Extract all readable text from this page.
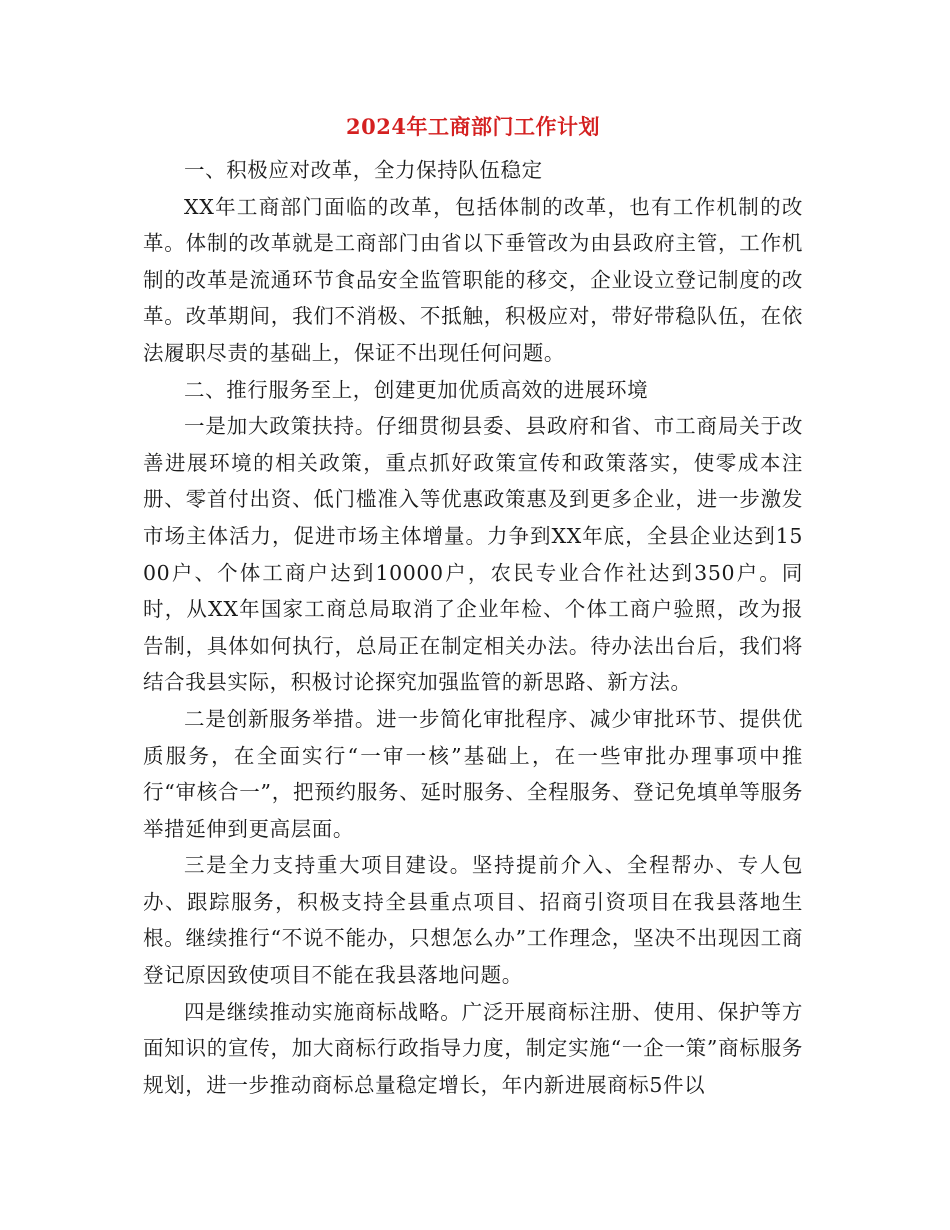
2024年工商部门工作计划

一、积极应对改革，全力保持队伍稳定

XX年工商部门面临的改革，包括体制的改革，也有工作机制的改革。体制的改革就是工商部门由省以下垂管改为由县政府主管，工作机制的改革是流通环节食品安全监管职能的移交，企业设立登记制度的改革。改革期间，我们不消极、不抵触，积极应对，带好带稳队伍，在依法履职尽责的基础上，保证不出现任何问题。

二、推行服务至上，创建更加优质高效的进展环境

一是加大政策扶持。仔细贯彻县委、县政府和省、市工商局关于改善进展环境的相关政策，重点抓好政策宣传和政策落实，使零成本注册、零首付出资、低门槛准入等优惠政策惠及到更多企业，进一步激发市场主体活力，促进市场主体增量。力争到XX年底，全县企业达到1500户、个体工商户达到10000户，农民专业合作社达到350户。同时，从XX年国家工商总局取消了企业年检、个体工商户验照，改为报告制，具体如何执行，总局正在制定相关办法。待办法出台后，我们将结合我县实际，积极讨论探究加强监管的新思路、新方法。

二是创新服务举措。进一步简化审批程序、减少审批环节、提供优质服务，在全面实行“一审一核”基础上，在一些审批办理事项中推行“审核合一”，把预约服务、延时服务、全程服务、登记免填单等服务举措延伸到更高层面。

三是全力支持重大项目建设。坚持提前介入、全程帮办、专人包办、跟踪服务，积极支持全县重点项目、招商引资项目在我县落地生根。继续推行“不说不能办，只想怎么办”工作理念，坚决不出现因工商登记原因致使项目不能在我县落地问题。

四是继续推动实施商标战略。广泛开展商标注册、使用、保护等方面知识的宣传，加大商标行政指导力度，制定实施“一企一策”商标服务规划，进一步推动商标总量稳定增长，年内新进展商标5件以
